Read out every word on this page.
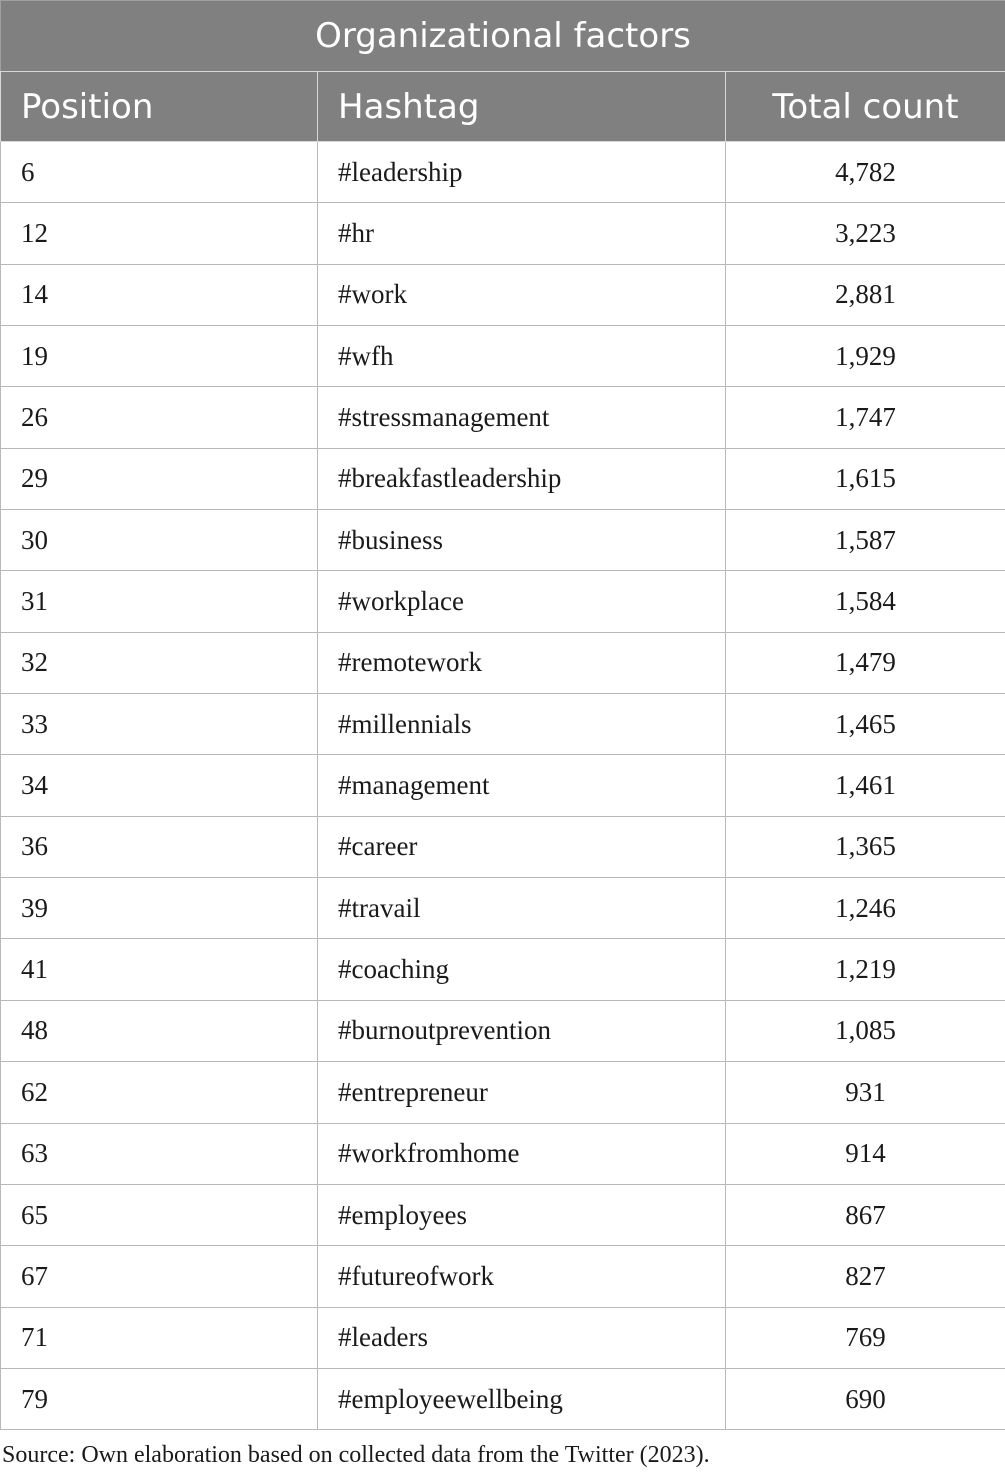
Organizational factors		
Position	Hashtag	Total count
6	#leadership	4,782
12	#hr	3,223
14	#work	2,881
19	#wfh	1,929
26	#stressmanagement	1,747
29	#breakfastleadership	1,615
30	#business	1,587
31	#workplace	1,584
32	#remotework	1,479
33	#millennials	1,465
34	#management	1,461
36	#career	1,365
39	#travail	1,246
41	#coaching	1,219
48	#burnoutprevention	1,085
62	#entrepreneur	931
63	#workfromhome	914
65	#employees	867
67	#futureofwork	827
71	#leaders	769
79	#employeewellbeing	690
Source: Own elaboration based on collected data from the Twitter (2023).
